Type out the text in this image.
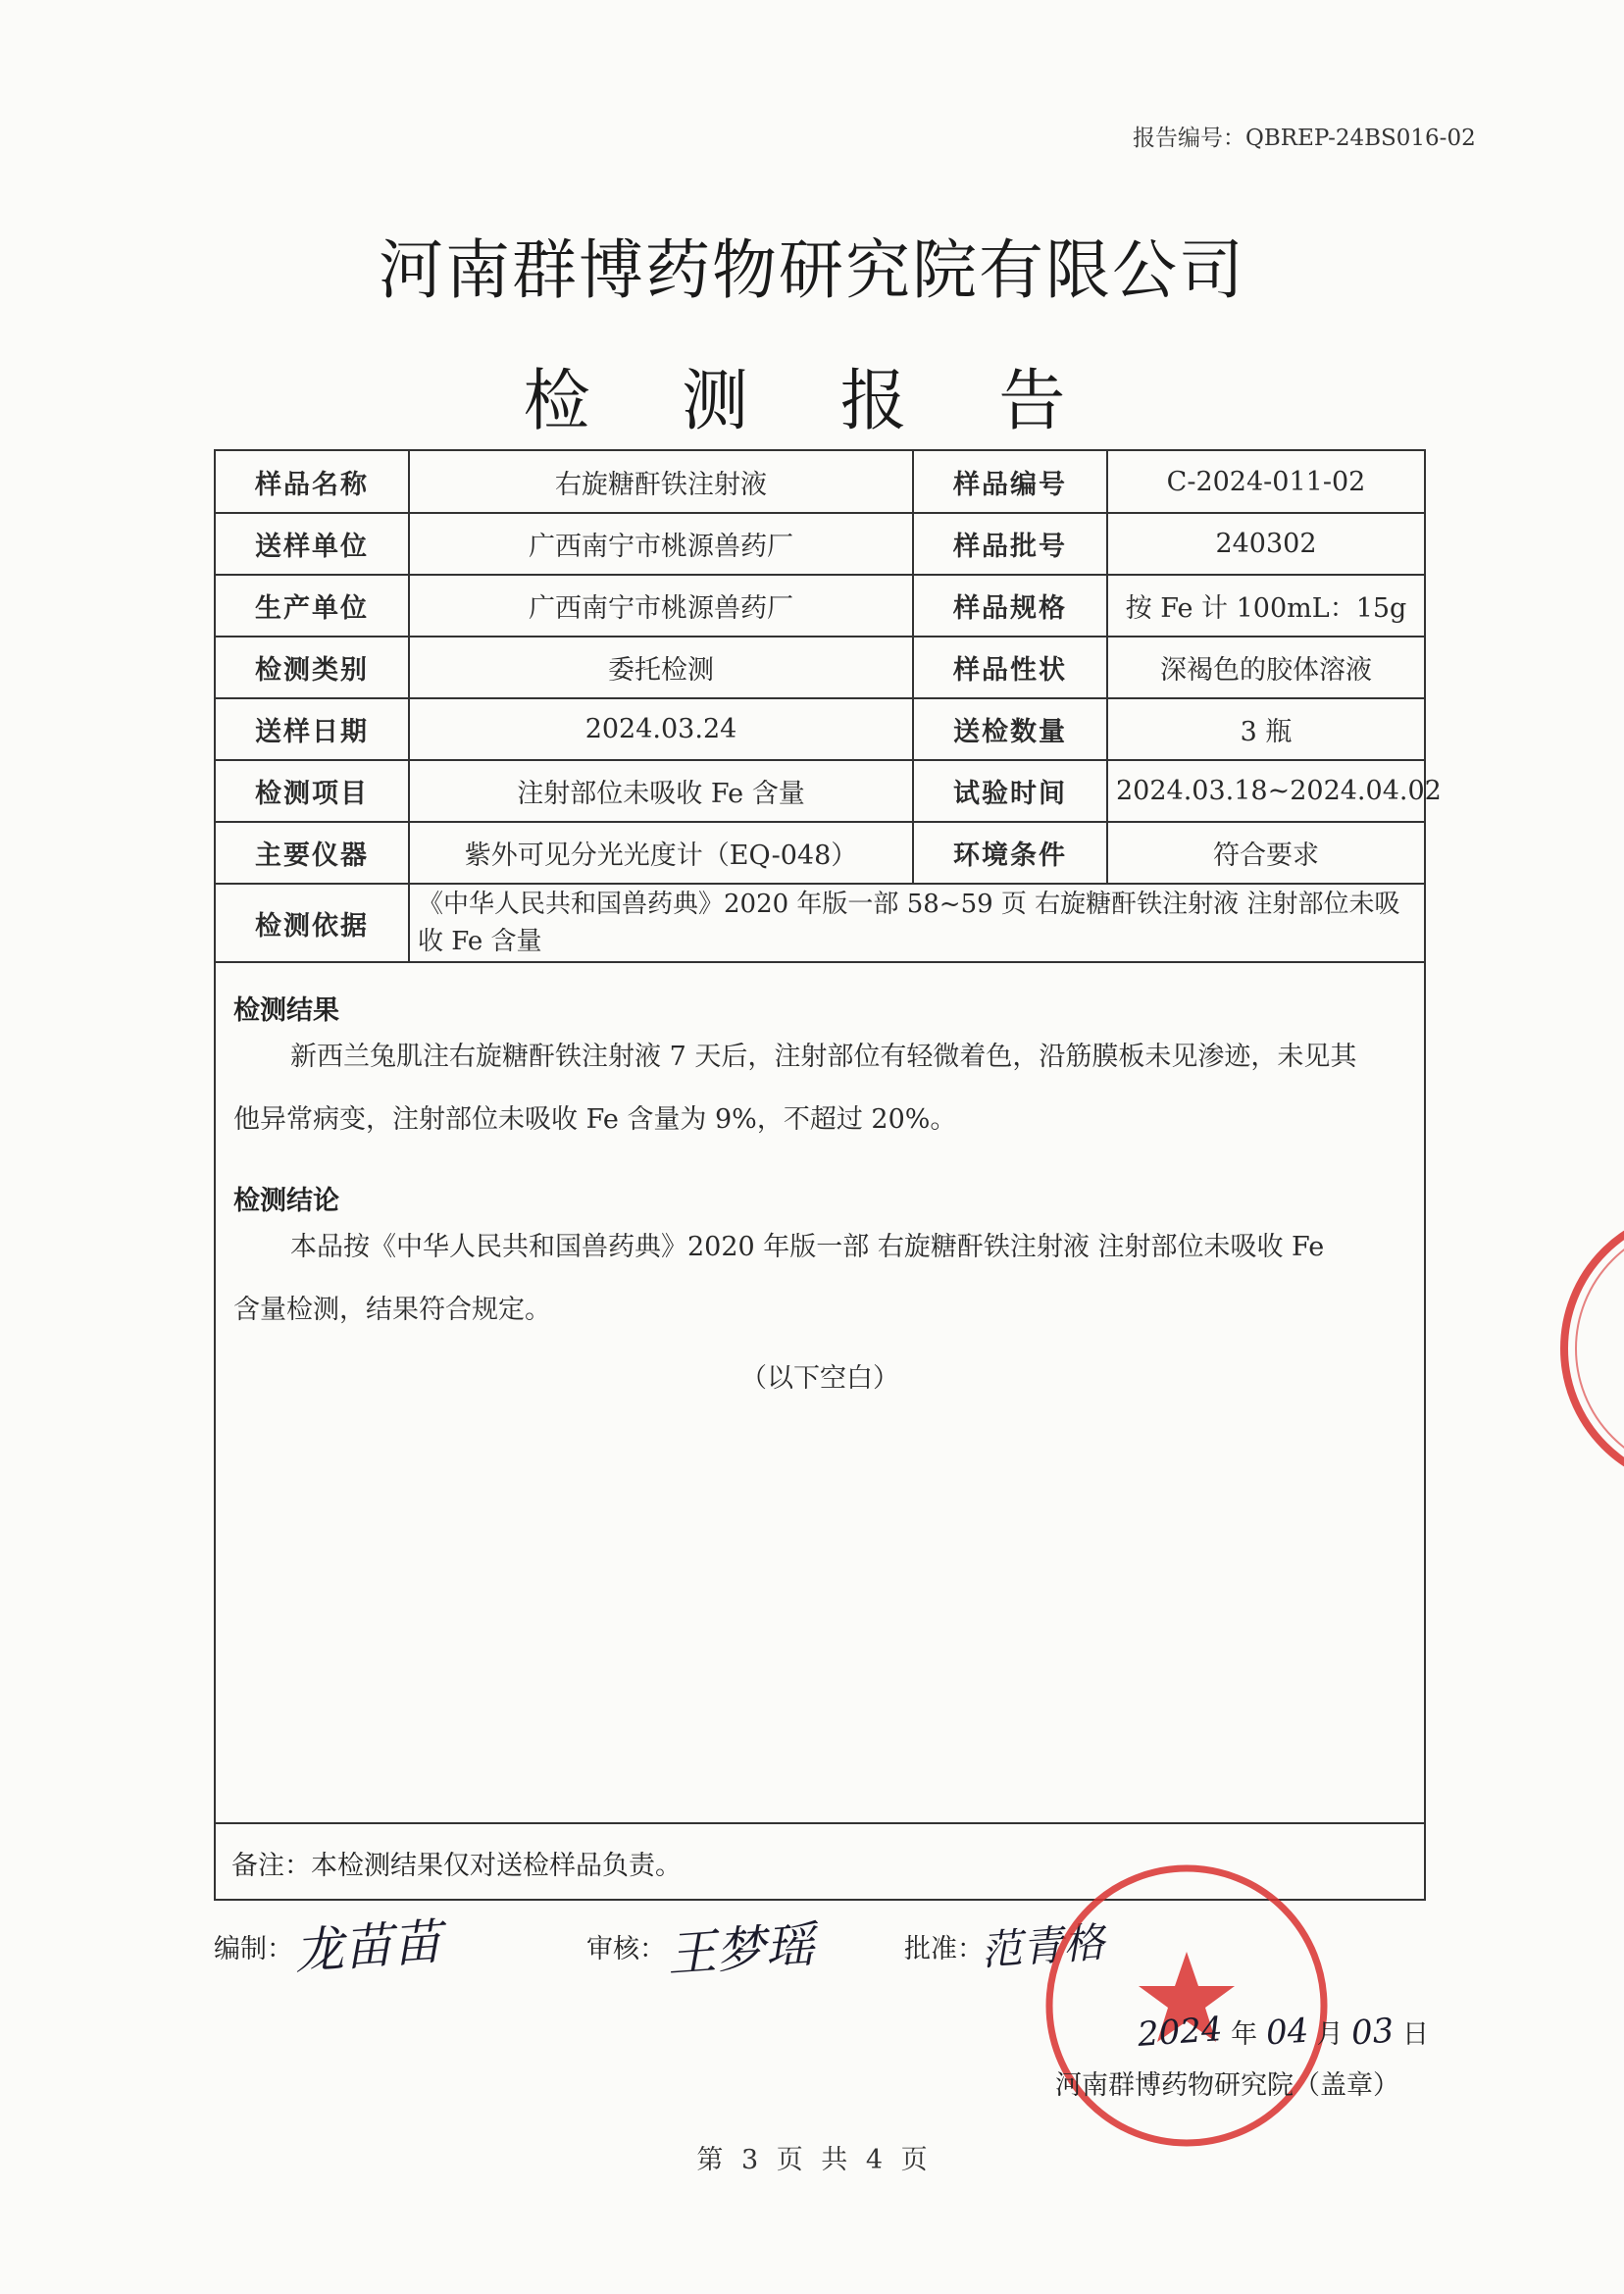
报告编号：QBREP-24BS016-02
河南群博药物研究院有限公司
检 测 报 告
样品名称	右旋糖酐铁注射液	样品编号	C-2024-011-02
送样单位	广西南宁市桃源兽药厂	样品批号	240302
生产单位	广西南宁市桃源兽药厂	样品规格	按 Fe 计 100mL：15g
检测类别	委托检测	样品性状	深褐色的胶体溶液
送样日期	2024.03.24	送检数量	3 瓶
检测项目	注射部位未吸收 Fe 含量	试验时间	2024.03.18~2024.04.02
主要仪器	紫外可见分光光度计（EQ-048）	环境条件	符合要求
检测依据	《中华人民共和国兽药典》2020 年版一部 58~59 页 右旋糖酐铁注射液 注射部位未吸收 Fe 含量		
检测结果
新西兰兔肌注右旋糖酐铁注射液 7 天后，注射部位有轻微着色，沿筋膜板未见渗迹，未见其
他异常病变，注射部位未吸收 Fe 含量为 9%，不超过 20%。
检测结论
本品按《中华人民共和国兽药典》2020 年版一部 右旋糖酐铁注射液 注射部位未吸收 Fe
含量检测，结果符合规定。
（以下空白）
备注：本检测结果仅对送检样品负责。
编制： 龙苗苗	审核： 王梦瑶	批准：
范青格
2024 年 04 月 03 日
河南群博药物研究院（盖章）
第 3 页 共 4 页
